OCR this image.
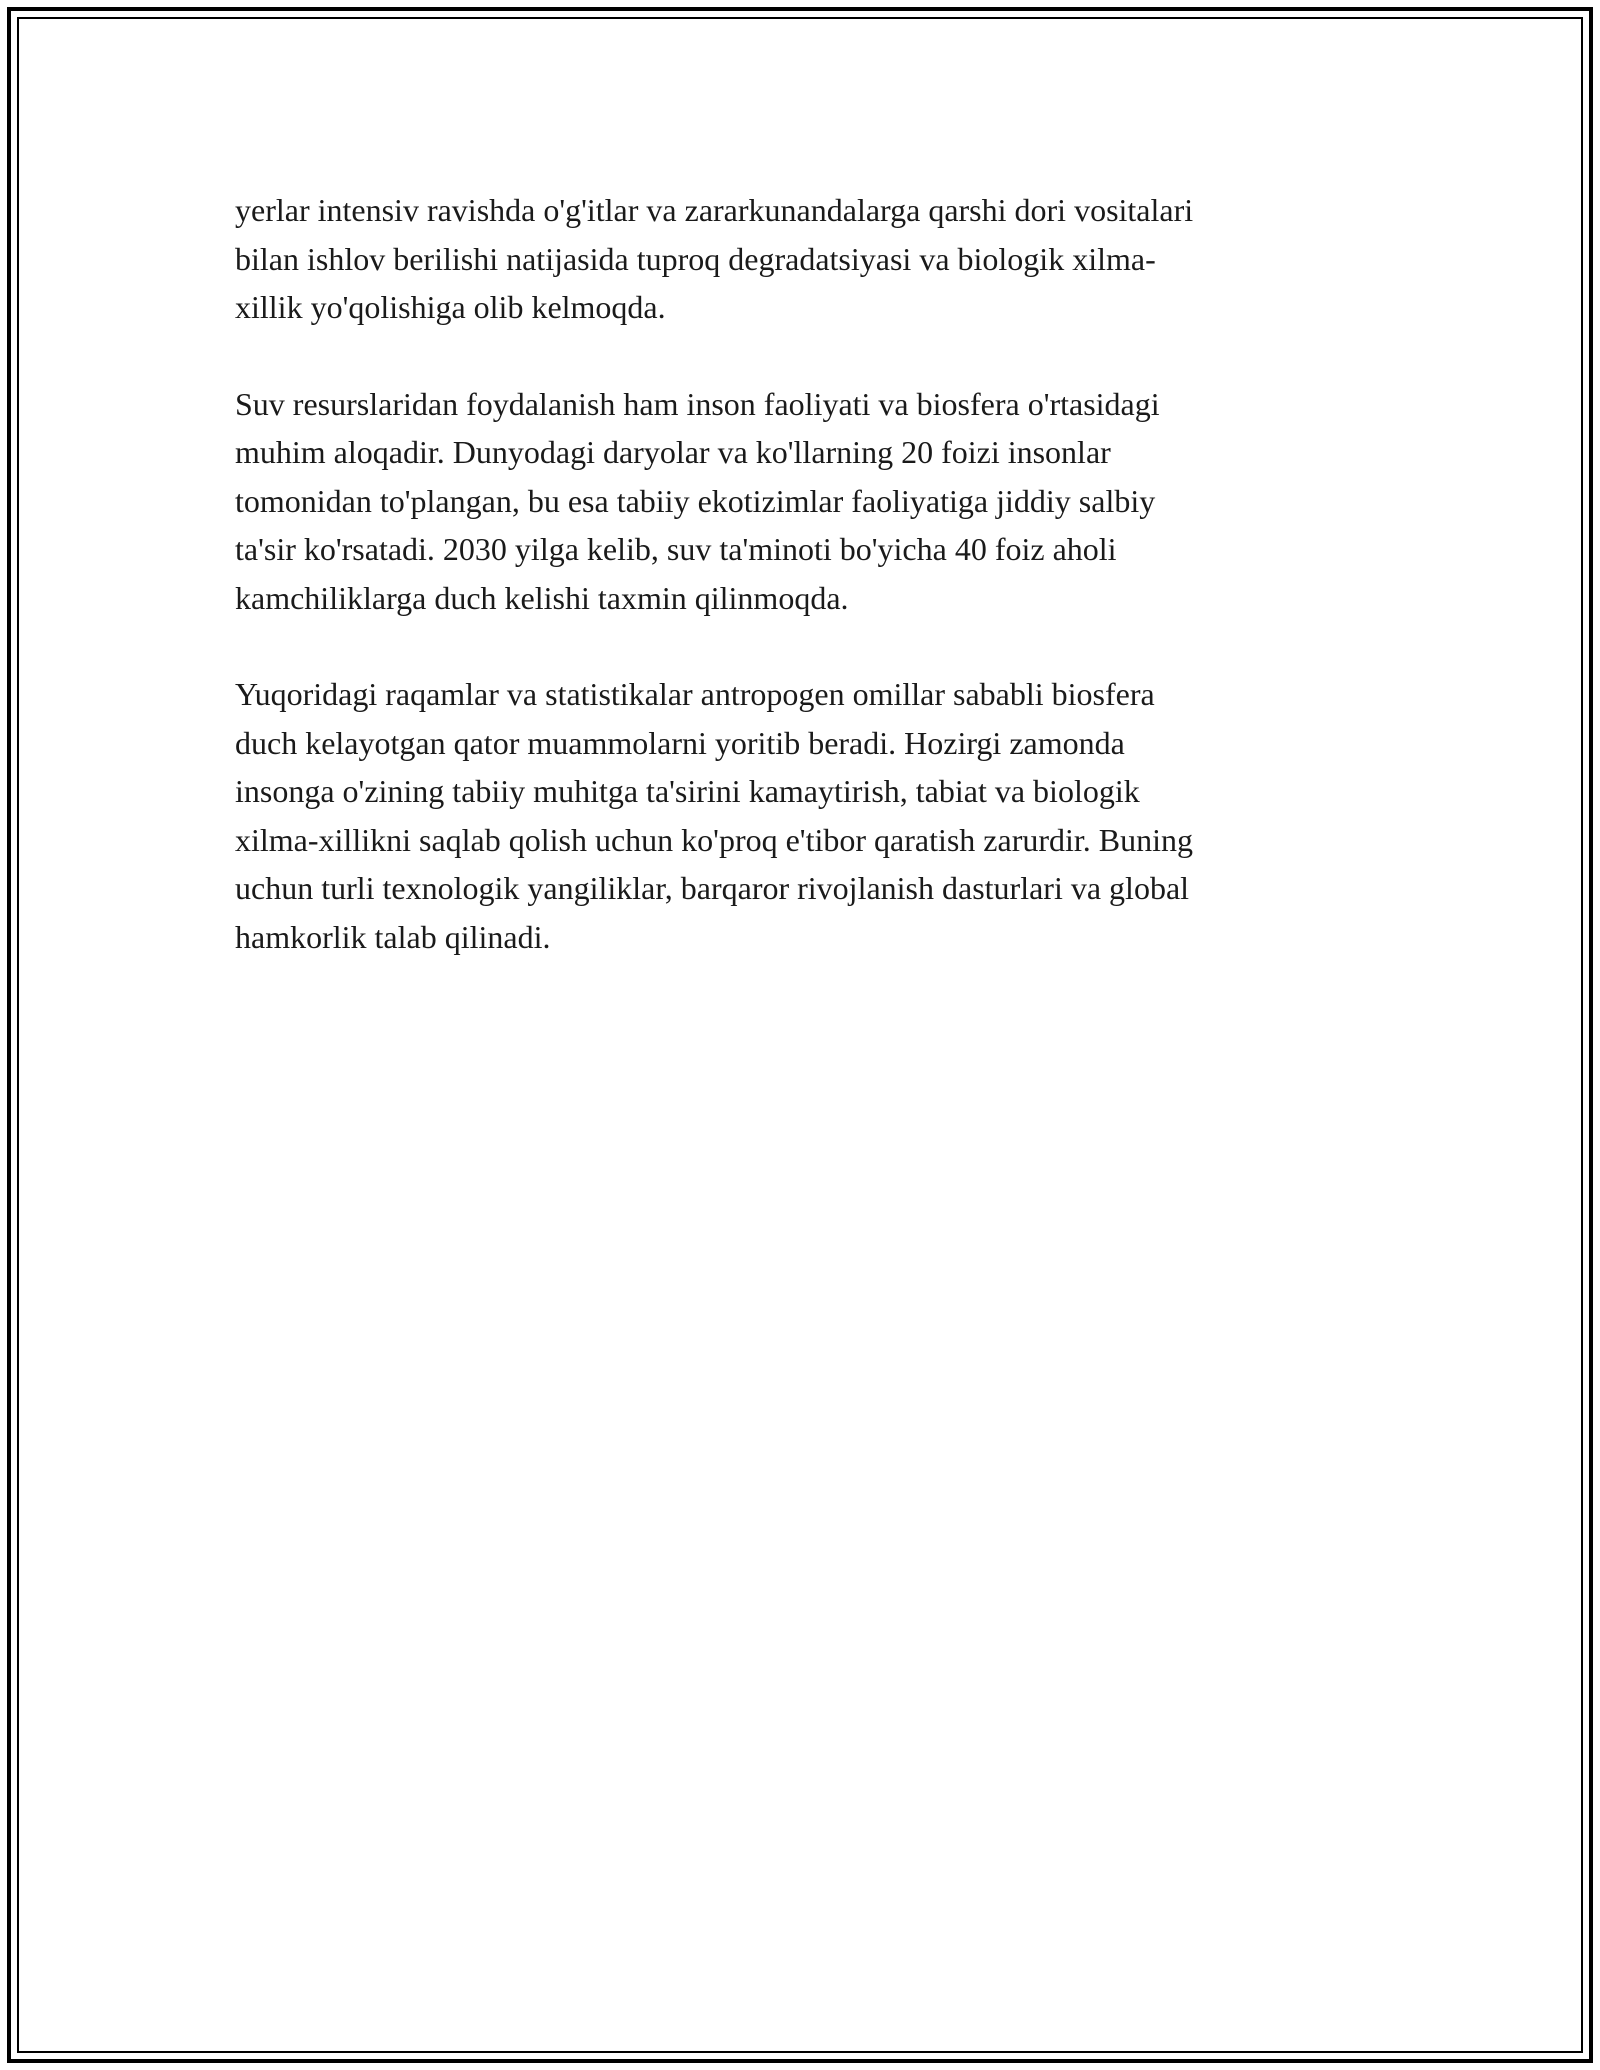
yerlar intensiv ravishda o'g'itlar va zararkunandalarga qarshi dori vositalari
bilan ishlov berilishi natijasida tuproq degradatsiyasi va biologik xilma-
xillik yo'qolishiga olib kelmoqda.

Suv resurslaridan foydalanish ham inson faoliyati va biosfera o'rtasidagi
muhim aloqadir. Dunyodagi daryolar va ko'llarning 20 foizi insonlar
tomonidan to'plangan, bu esa tabiiy ekotizimlar faoliyatiga jiddiy salbiy
ta'sir ko'rsatadi. 2030 yilga kelib, suv ta'minoti bo'yicha 40 foiz aholi
kamchiliklarga duch kelishi taxmin qilinmoqda.

Yuqoridagi raqamlar va statistikalar antropogen omillar sababli biosfera
duch kelayotgan qator muammolarni yoritib beradi. Hozirgi zamonda
insonga o'zining tabiiy muhitga ta'sirini kamaytirish, tabiat va biologik
xilma-xillikni saqlab qolish uchun ko'proq e'tibor qaratish zarurdir. Buning
uchun turli texnologik yangiliklar, barqaror rivojlanish dasturlari va global
hamkorlik talab qilinadi.
